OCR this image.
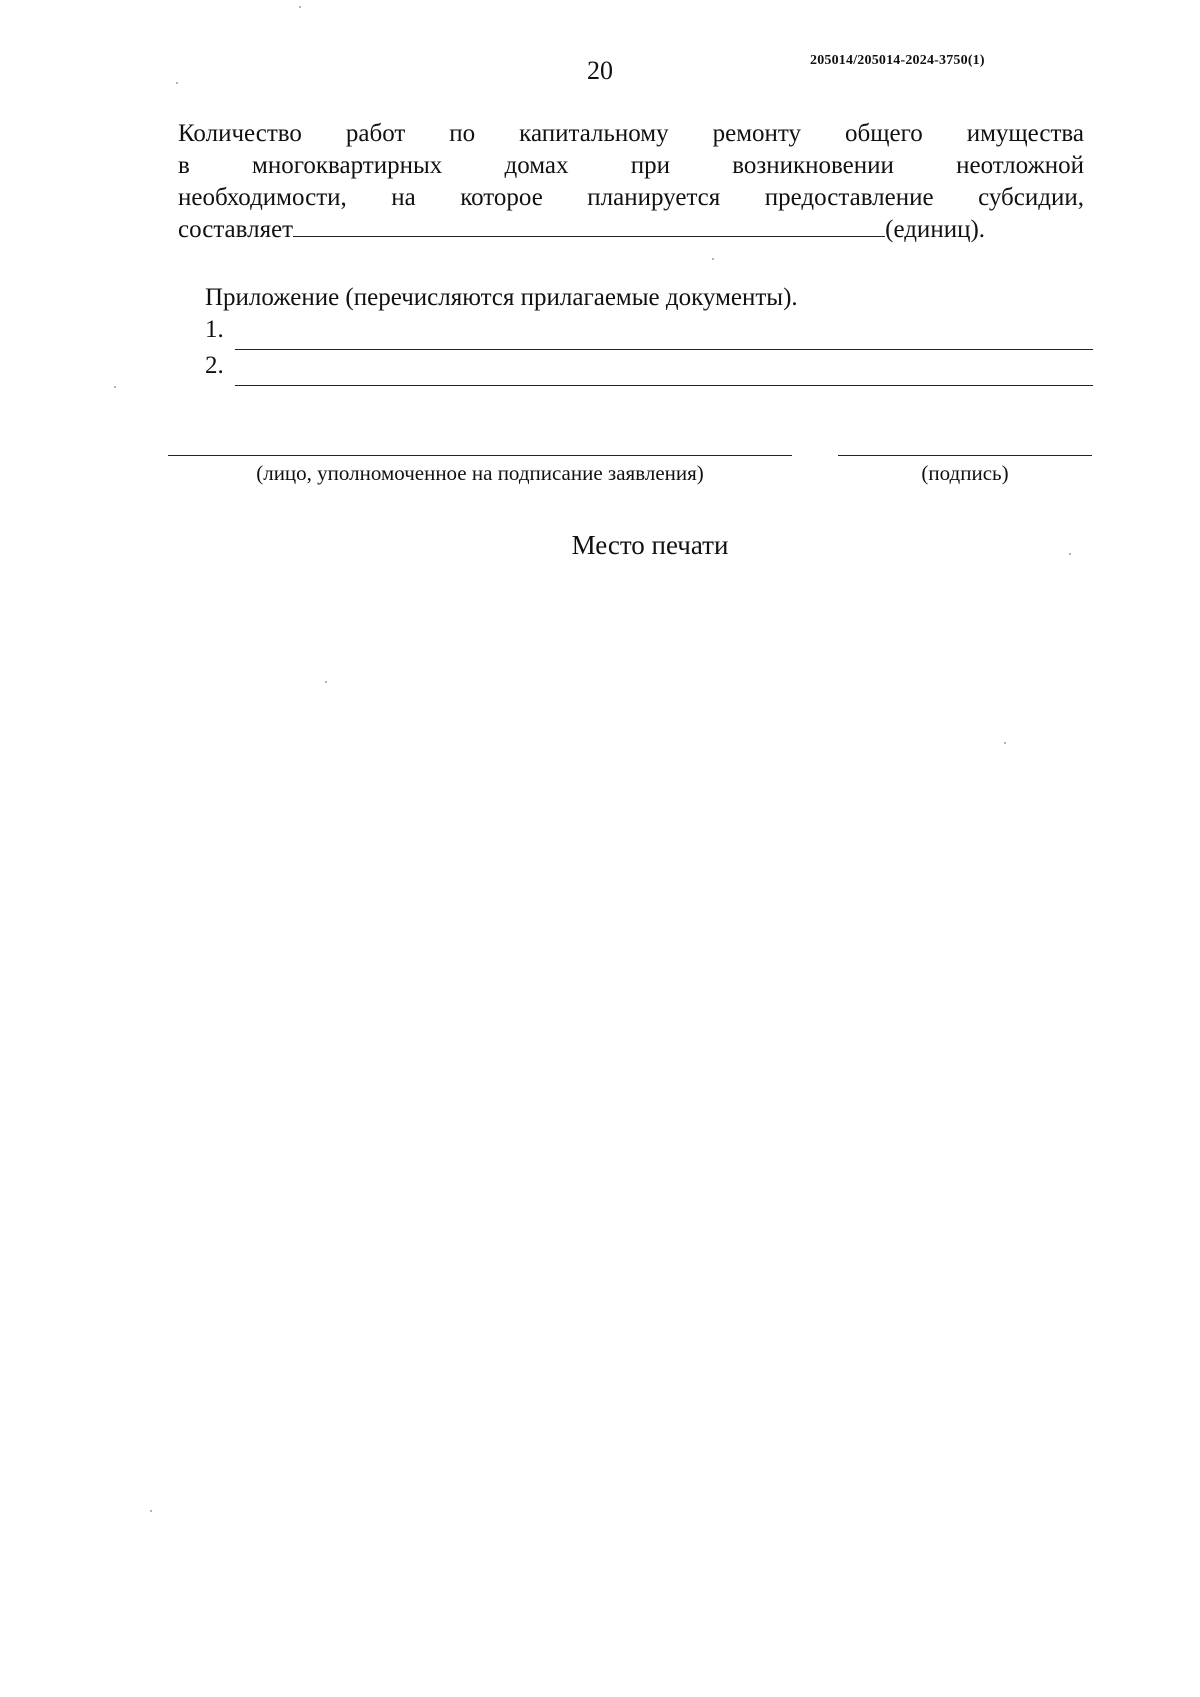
20	205014/205014-2024-3750(1)
Количество работ по капитальному ремонту общего имущества
в многоквартирных домах при возникновении неотложной
необходимости, на которое планируется предоставление субсидии,
составляет	(единиц).
Приложение (перечисляются прилагаемые документы).
1.
2.
(лицо, уполномоченное на подписание заявления)	(подпись)
Место печати
